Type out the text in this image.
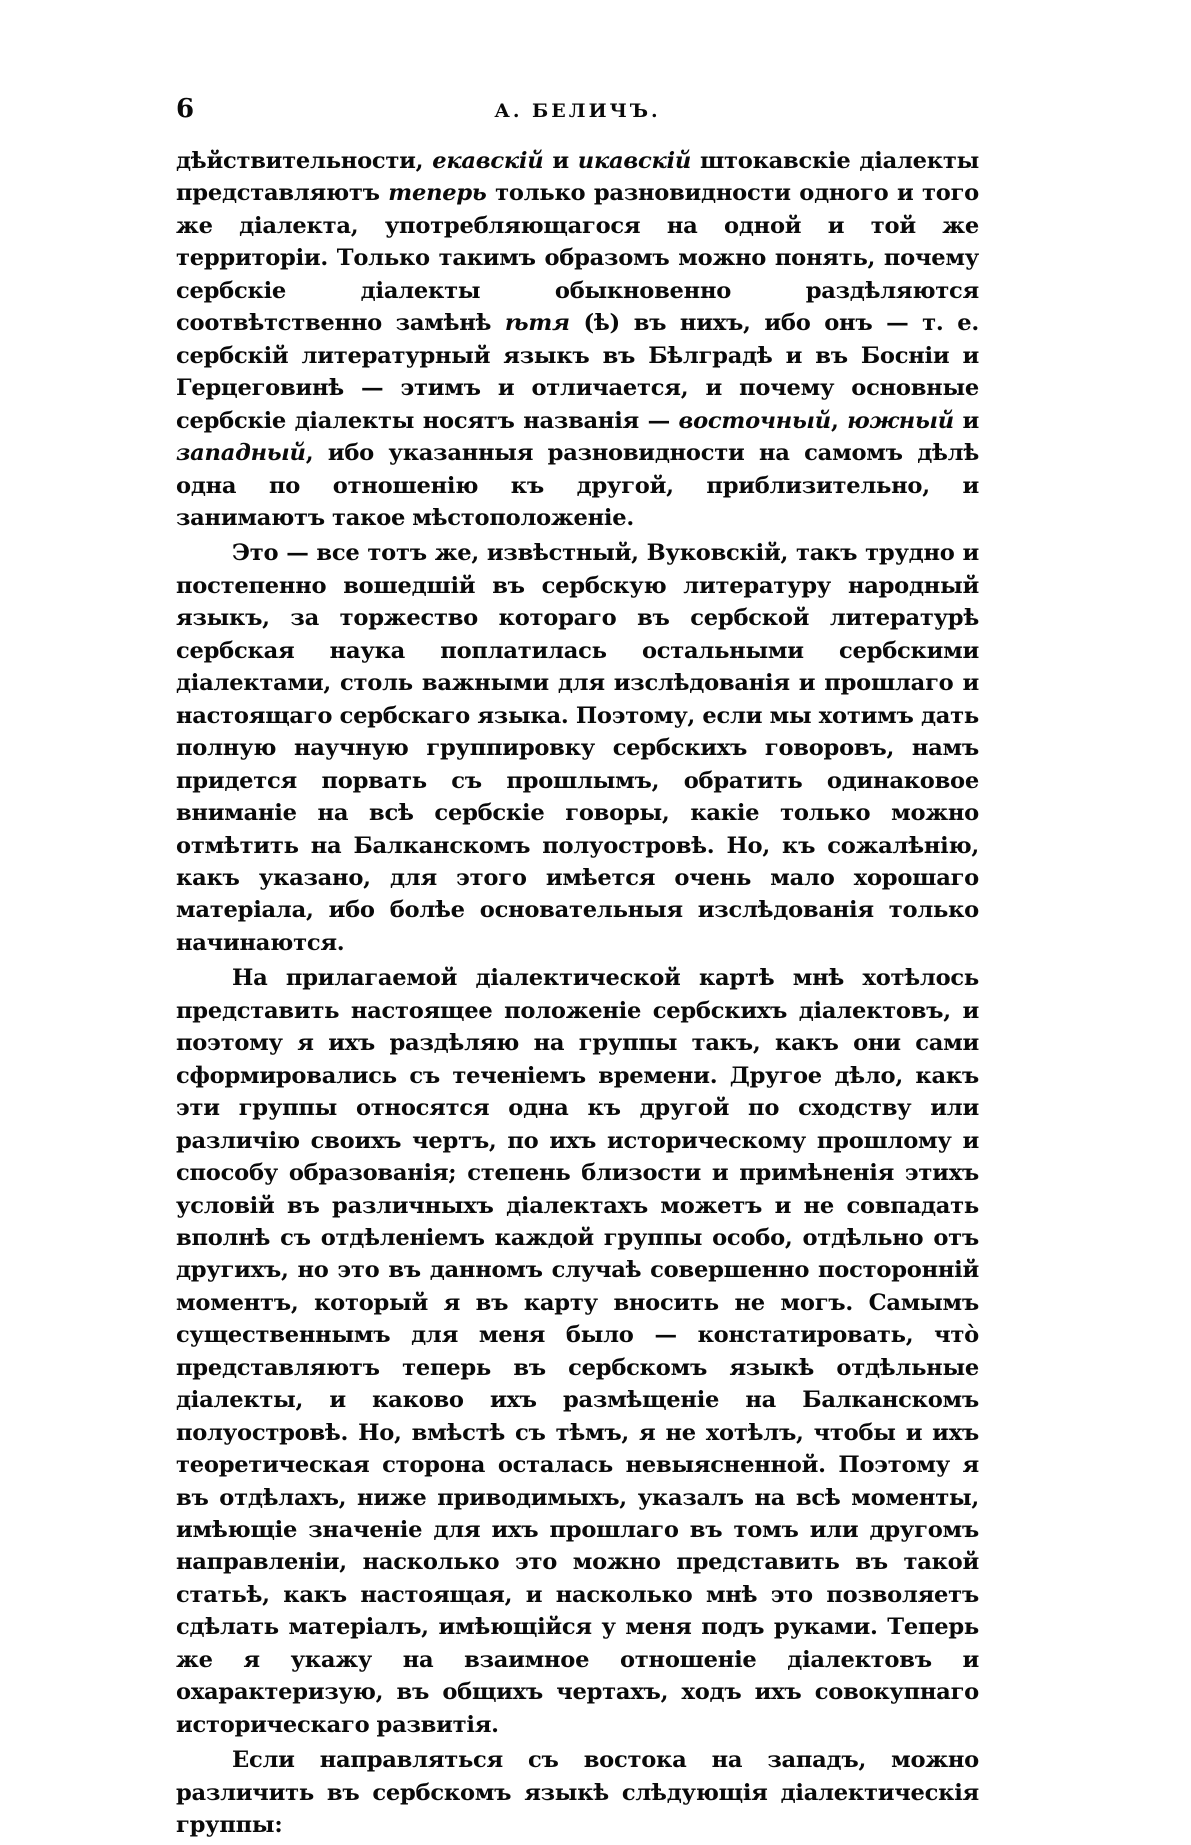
6	А. БЕЛИЧЪ.

дѣйствительности, екавскій и икавскій штокавскіе діалекты представляютъ теперь только разновидности одного и того же діалекта, употребляющагося на одной и той же территоріи. Только такимъ образомъ можно понять, почему сербскіе діалекты обыкновенно раздѣляются соотвѣтственно замѣнѣ ѣтя (ѣ) въ нихъ, ибо онъ — т. е. сербскій литературный языкъ въ Бѣлградѣ и въ Босніи и Герцеговинѣ — этимъ и отличается, и почему основные сербскіе діалекты носятъ названія — восточный, южный и западный, ибо указанныя разновидности на самомъ дѣлѣ одна по отношенію къ другой, приблизительно, и занимаютъ такое мѣстоположеніе.

Это — все тотъ же, извѣстный, Вуковскій, такъ трудно и постепенно вошедшій въ сербскую литературу народный языкъ, за торжество котораго въ сербской литературѣ сербская наука поплатилась остальными сербскими діалектами, столь важными для изслѣдованія и прошлаго и настоящаго сербскаго языка. Поэтому, если мы хотимъ дать полную научную группировку сербскихъ говоровъ, намъ придется порвать съ прошлымъ, обратить одинаковое вниманіе на всѣ сербскіе говоры, какіе только можно отмѣтить на Балканскомъ полуостровѣ. Но, къ сожалѣнію, какъ указано, для этого имѣется очень мало хорошаго матеріала, ибо болѣе основательныя изслѣдованія только начинаются.

На прилагаемой діалектической картѣ мнѣ хотѣлось представить настоящее положеніе сербскихъ діалектовъ, и поэтому я ихъ раздѣляю на группы такъ, какъ они сами сформировались съ теченіемъ времени. Другое дѣло, какъ эти группы относятся одна къ другой по сходству или различію своихъ чертъ, по ихъ историческому прошлому и способу образованія; степень близости и примѣненія этихъ условій въ различныхъ діалектахъ можетъ и не совпадать вполнѣ съ отдѣленіемъ каждой группы особо, отдѣльно отъ другихъ, но это въ данномъ случаѣ совершенно посторонній моментъ, который я въ карту вносить не могъ. Самымъ существеннымъ для меня было — констатировать, что̀ представляютъ теперь въ сербскомъ языкѣ отдѣльные діалекты, и каково ихъ размѣщеніе на Балканскомъ полуостровѣ. Но, вмѣстѣ съ тѣмъ, я не хотѣлъ, чтобы и ихъ теоретическая сторона осталась невыясненной. Поэтому я въ отдѣлахъ, ниже приводимыхъ, указалъ на всѣ моменты, имѣющіе значеніе для ихъ прошлаго въ томъ или другомъ направленіи, насколько это можно представить въ такой статьѣ, какъ настоящая, и насколько мнѣ это позволяетъ сдѣлать матеріалъ, имѣющійся у меня подъ руками. Теперь же я укажу на взаимное отношеніе діалектовъ и охарактеризую, въ общихъ чертахъ, ходъ ихъ совокупнаго историческаго развитія.

Если направляться съ востока на западъ, можно различить въ сербскомъ языкѣ слѣдующія діалектическія группы:
